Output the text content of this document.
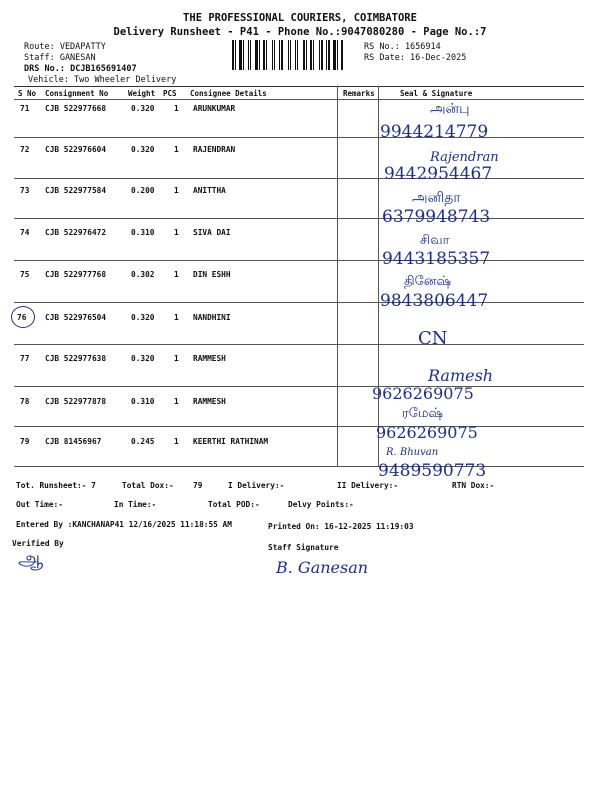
THE PROFESSIONAL COURIERS, COIMBATORE
Delivery Runsheet - P41 - Phone No.:9047080280 - Page No.:7
Route: VEDAPATTY
Staff: GANESAN
DRS No.: DCJB165691407
Vehicle: Two Wheeler Delivery
RS No.: 1656914
RS Date: 16-Dec-2025
S No Consignment No	Weight PCS Consignee Details	Remarks	Seal & Signature
71 CJB 522977668	0.320	1 ARUNKUMAR	அன்பு
9944214779
72 CJB 522976604	0.320	1 RAJENDRAN
Rajendran
9442954467
73 CJB 522977584	0.200	1 ANITTHA	அனிதா
6379948743
74 CJB 522976472	0.310	1 SIVA DAI
சிவா
9443185357
75 CJB 522977768	0.302	1 DIN ESHH	தினேஷ்
9843806447
76 CJB 522976504	0.320	1 NANDHINI
CN
77 CJB 522977638	0.320	1 RAMMESH
Ramesh
9626269075
78 CJB 522977878	0.310	1 RAMMESH
ரமேஷ்
9626269075
79 CJB 81456967	0.245	1 KEERTHI RATHINAM
R. Bhuvan
9489590773
Tot. Runsheet:- 7	Total Dox:- 79	I Delivery:-	II Delivery:-	RTN Dox:-
Out Time:-	In Time:-	Total POD:-	Delvy Points:-
Entered By :KANCHANAP41 12/16/2025 11:18:55 AM	Printed On: 16-12-2025 11:19:03
Verified By
ஆ	Staff Signature
B. Ganesan
